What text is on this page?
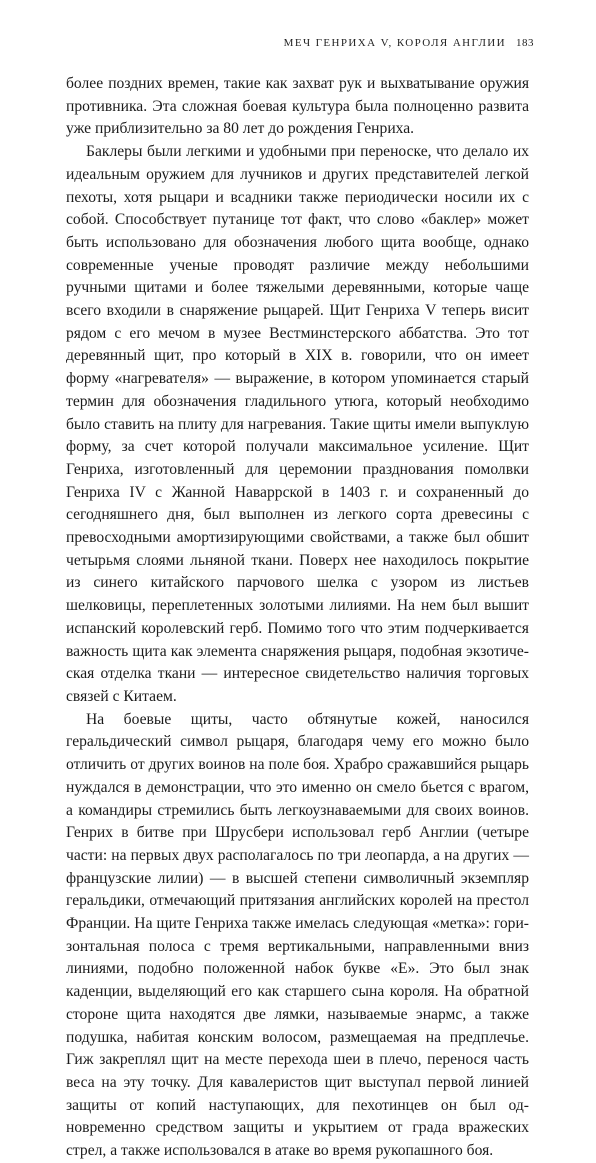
МЕЧ ГЕНРИХА V, КОРОЛЯ АНГЛИИ 183

более поздних времен, такие как захват рук и выхватывание оружия противника. Эта сложная боевая культура была полноценно развита уже приблизительно за 80 лет до рождения Генриха.

Баклеры были легкими и удобными при переноске, что делало их идеальным оружием для лучников и других представителей легкой пехоты, хотя рыцари и всадники также периодически носили их с собой. Способствует путанице тот факт, что слово «баклер» может быть использовано для обозначения любого щита вообще, однако современные ученые проводят различие между небольшими ручными щитами и более тяжелыми деревянными, которые чаще всего входили в снаряжение рыцарей. Щит Генриха V теперь висит рядом с его мечом в музее Вестминстерского аббатства. Это тот деревянный щит, про который в XIX в. говорили, что он имеет форму «нагревателя» — выражение, в котором упоминается старый термин для обозначения гладильного утюга, который необходимо было ставить на плиту для нагревания. Такие щиты имели выпуклую форму, за счет которой получали максимальное усиление. Щит Генриха, изготовленный для церемонии празднования помолвки Генриха IV с Жанной Наваррской в 1403 г. и сохраненный до сегодняшнего дня, был выполнен из легкого сорта древесины с превосходными амортизирующими свойствами, а также был обшит четырьмя слоями льняной ткани. Поверх нее находилось покрытие из синего китайского парчового шелка с узором из листьев шелковицы, переплетенных золотыми лилиями. На нем был вышит испанский королевский герб. Помимо того что этим подчеркивается важность щита как элемента снаряжения рыцаря, подобная экзотическая отделка ткани — интересное свидетельство наличия торговых связей с Китаем.

На боевые щиты, часто обтянутые кожей, наносился геральдический символ рыцаря, благодаря чему его можно было отличить от других воинов на поле боя. Храбро сражавшийся рыцарь нуждался в демонстрации, что это именно он смело бьется с врагом, а командиры стремились быть легкоузнаваемыми для своих воинов. Генрих в битве при Шрусбери использовал герб Англии (четыре части: на первых двух располагалось по три леопарда, а на других — французские лилии) — в высшей степени символичный экземпляр геральдики, отмечающий притязания английских королей на престол Франции. На щите Генриха также имелась следующая «метка»: горизонтальная полоса с тремя вертикальными, направленными вниз линиями, подобно положенной набок букве «Е». Это был знак каденции, выделяющий его как старшего сына короля. На обратной стороне щита находятся две лямки, называемые энармс, а также подушка, набитая конским волосом, размещаемая на предплечье. Гиж закреплял щит на месте перехода шеи в плечо, перенося часть веса на эту точку. Для кавалеристов щит выступал первой линией защиты от копий наступающих, для пехотинцев он был одновременно средством защиты и укрытием от града вражеских стрел, а также использовался в атаке во время рукопашного боя.
